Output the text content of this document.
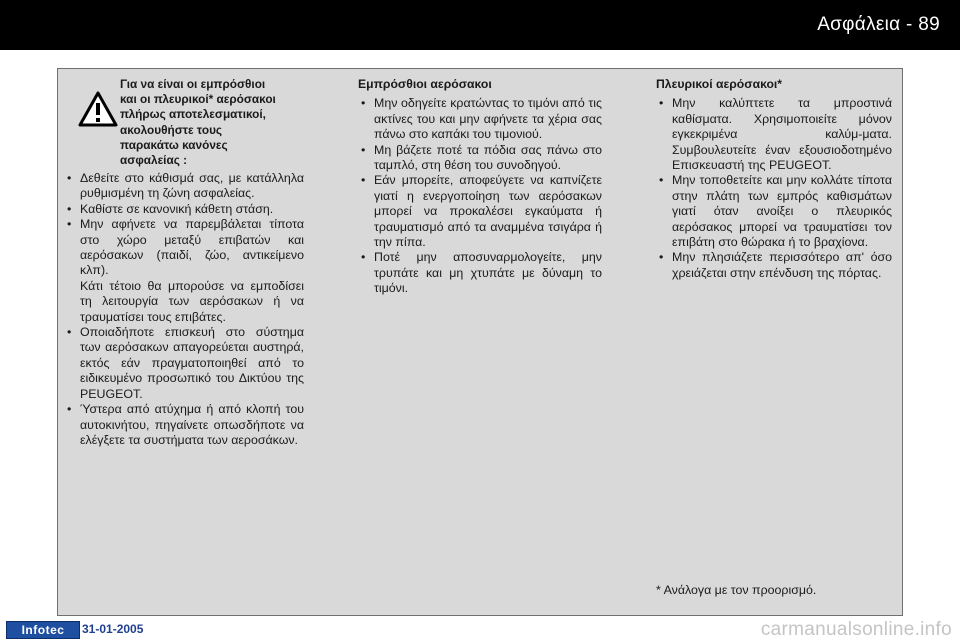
Ασφάλεια - 89
Για να είναι οι εμπρόσθιοι
και οι πλευρικοί* αερόσακοι
πλήρως αποτελεσματικοί,
ακολουθήστε τους
παρακάτω κανόνες
ασφαλείας :
• Δεθείτε στο κάθισμά σας, με κατάλληλα ρυθμισμένη τη ζώνη ασφαλείας.
• Καθίστε σε κανονική κάθετη στάση.
• Μην αφήνετε να παρεμβάλεται τίποτα στο χώρο μεταξύ επιβατών και αερόσακων (παιδί, ζώο, αντικείμενο κλπ).
Κάτι τέτοιο θα μπορούσε να εμποδίσει τη λειτουργία των αερόσακων ή να τραυματίσει τους επιβάτες.
• Οποιαδήποτε επισκευή στο σύστημα των αερόσακων απαγορεύεται αυστηρά, εκτός εάν πραγματοποιηθεί από το ειδικευμένο προσωπικό του Δικτύου της PEUGEOT.
• Ύστερα από ατύχημα ή από κλοπή του αυτοκινήτου, πηγαίνετε οπωσδήποτε να ελέγξετε τα συστήματα των αεροσάκων.
Εμπρόσθιοι αερόσακοι
• Μην οδηγείτε κρατώντας το τιμόνι από τις ακτίνες του και μην αφήνετε τα χέρια σας πάνω στο καπάκι του τιμονιού.
• Μη βάζετε ποτέ τα πόδια σας πάνω στο ταμπλό, στη θέση του συνοδηγού.
• Εάν μπορείτε, αποφεύγετε να καπνίζετε γιατί η ενεργοποίηση των αερόσακων μπορεί να προκαλέσει εγκαύματα ή τραυματισμό από τα αναμμένα τσιγάρα ή την πίπα.
• Ποτέ μην αποσυναρμολογείτε, μην τρυπάτε και μη χτυπάτε με δύναμη το τιμόνι.
Πλευρικοί αερόσακοι*
• Μην καλύπτετε τα μπροστινά καθίσματα. Χρησιμοποιείτε μόνον εγκεκριμένα καλύμ-ματα. Συμβουλευτείτε έναν εξουσιοδοτημένο Επισκευαστή της PEUGEOT.
• Μην τοποθετείτε και μην κολλάτε τίποτα στην πλάτη των εμπρός καθισμάτων γιατί όταν ανοίξει ο πλευρικός αερόσακος μπορεί να τραυματίσει τον επιβάτη στο θώρακα ή το βραχίονα.
• Μην πλησιάζετε περισσότερο απ' όσο χρειάζεται στην επένδυση της πόρτας.
* Ανάλογα με τον προορισμό.
Infotec	31-01-2005	carmanualsonline.info
